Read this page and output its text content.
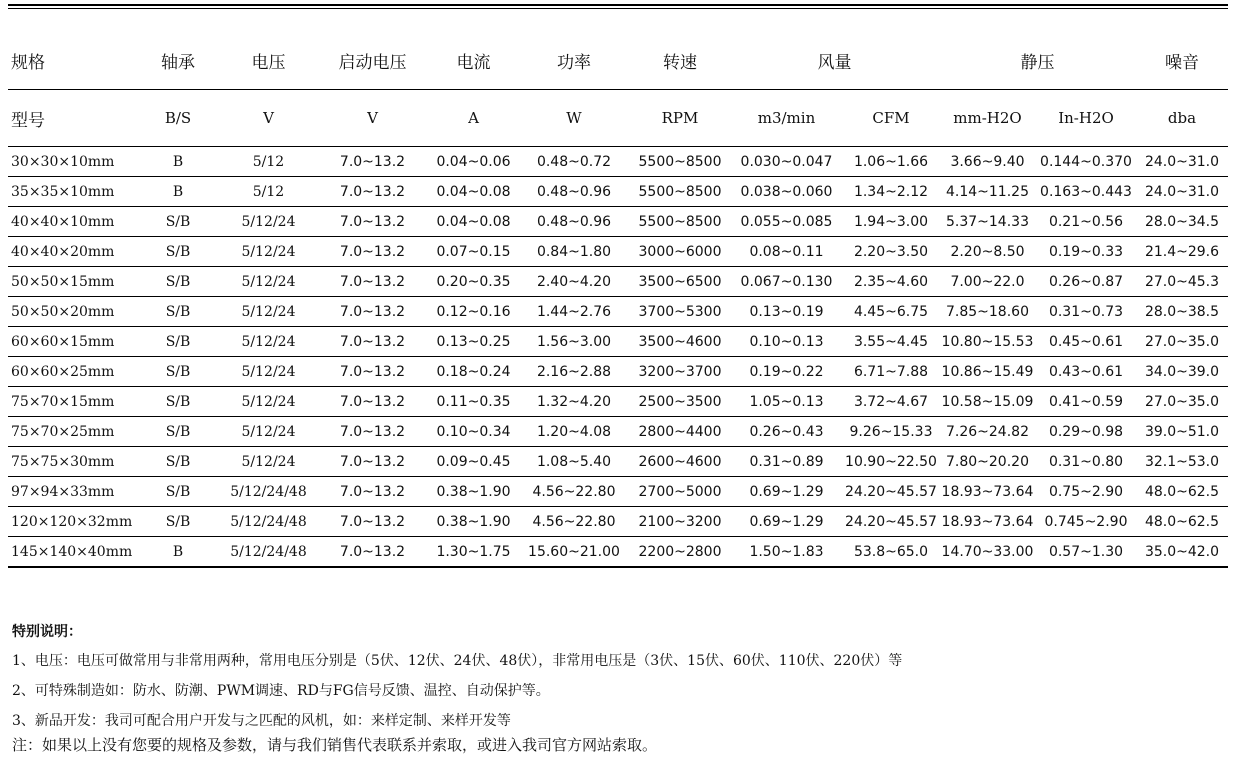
规格	轴承	电压	启动电压	电流	功率	转速	风量		静压		噪音
型号	B/S	V	V	A	W	RPM	m3/min	CFM	mm-H2O	In-H2O	dba
30×30×10mm	B	5/12	7.0~13.2	0.04~0.06	0.48~0.72	5500~8500	0.030~0.047	1.06~1.66	3.66~9.40	0.144~0.370	24.0~31.0
35×35×10mm	B	5/12	7.0~13.2	0.04~0.08	0.48~0.96	5500~8500	0.038~0.060	1.34~2.12	4.14~11.25	0.163~0.443	24.0~31.0
40×40×10mm	S/B	5/12/24	7.0~13.2	0.04~0.08	0.48~0.96	5500~8500	0.055~0.085	1.94~3.00	5.37~14.33	0.21~0.56	28.0~34.5
40×40×20mm	S/B	5/12/24	7.0~13.2	0.07~0.15	0.84~1.80	3000~6000	0.08~0.11	2.20~3.50	2.20~8.50	0.19~0.33	21.4~29.6
50×50×15mm	S/B	5/12/24	7.0~13.2	0.20~0.35	2.40~4.20	3500~6500	0.067~0.130	2.35~4.60	7.00~22.0	0.26~0.87	27.0~45.3
50×50×20mm	S/B	5/12/24	7.0~13.2	0.12~0.16	1.44~2.76	3700~5300	0.13~0.19	4.45~6.75	7.85~18.60	0.31~0.73	28.0~38.5
60×60×15mm	S/B	5/12/24	7.0~13.2	0.13~0.25	1.56~3.00	3500~4600	0.10~0.13	3.55~4.45	10.80~15.53	0.45~0.61	27.0~35.0
60×60×25mm	S/B	5/12/24	7.0~13.2	0.18~0.24	2.16~2.88	3200~3700	0.19~0.22	6.71~7.88	10.86~15.49	0.43~0.61	34.0~39.0
75×70×15mm	S/B	5/12/24	7.0~13.2	0.11~0.35	1.32~4.20	2500~3500	1.05~0.13	3.72~4.67	10.58~15.09	0.41~0.59	27.0~35.0
75×70×25mm	S/B	5/12/24	7.0~13.2	0.10~0.34	1.20~4.08	2800~4400	0.26~0.43	9.26~15.33	7.26~24.82	0.29~0.98	39.0~51.0
75×75×30mm	S/B	5/12/24	7.0~13.2	0.09~0.45	1.08~5.40	2600~4600	0.31~0.89	10.90~22.50	7.80~20.20	0.31~0.80	32.1~53.0
97×94×33mm	S/B	5/12/24/48	7.0~13.2	0.38~1.90	4.56~22.80	2700~5000	0.69~1.29	24.20~45.57	18.93~73.64	0.75~2.90	48.0~62.5
120×120×32mm	S/B	5/12/24/48	7.0~13.2	0.38~1.90	4.56~22.80	2100~3200	0.69~1.29	24.20~45.57	18.93~73.64	0.745~2.90	48.0~62.5
145×140×40mm	B	5/12/24/48	7.0~13.2	1.30~1.75	15.60~21.00	2200~2800	1.50~1.83	53.8~65.0	14.70~33.00	0.57~1.30	35.0~42.0
特别说明：
1、电压：电压可做常用与非常用两种，常用电压分别是（5伏、12伏、24伏、48伏），非常用电压是（3伏、15伏、60伏、110伏、220伏）等
2、可特殊制造如：防水、防潮、PWM调速、RD与FG信号反馈、温控、自动保护等。
3、新品开发：我司可配合用户开发与之匹配的风机，如：来样定制、来样开发等
注：如果以上没有您要的规格及参数，请与我们销售代表联系并索取，或进入我司官方网站索取。
